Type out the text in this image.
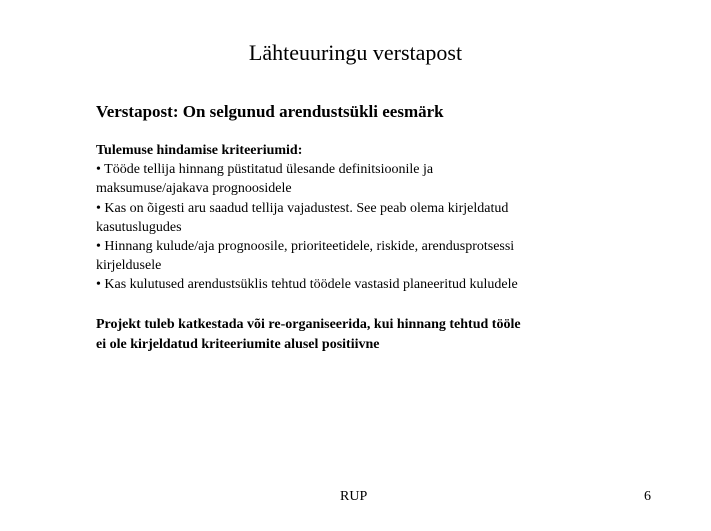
Lähteuuringu verstapost
Verstapost: On selgunud arendustsükli eesmärk
Tulemuse hindamise kriteeriumid:
• Tööde tellija hinnang püstitatud ülesande definitsioonile ja
maksumuse/ajakava prognoosidele
• Kas on õigesti aru saadud tellija vajadustest. See peab olema kirjeldatud
kasutuslugudes
• Hinnang kulude/aja prognoosile, prioriteetidele, riskide, arendusprotsessi
kirjeldusele
• Kas kulutused arendustsüklis tehtud töödele vastasid planeeritud kuludele
Projekt tuleb katkestada või re-organiseerida, kui hinnang tehtud tööle
ei ole kirjeldatud kriteeriumite alusel positiivne
RUP	6
